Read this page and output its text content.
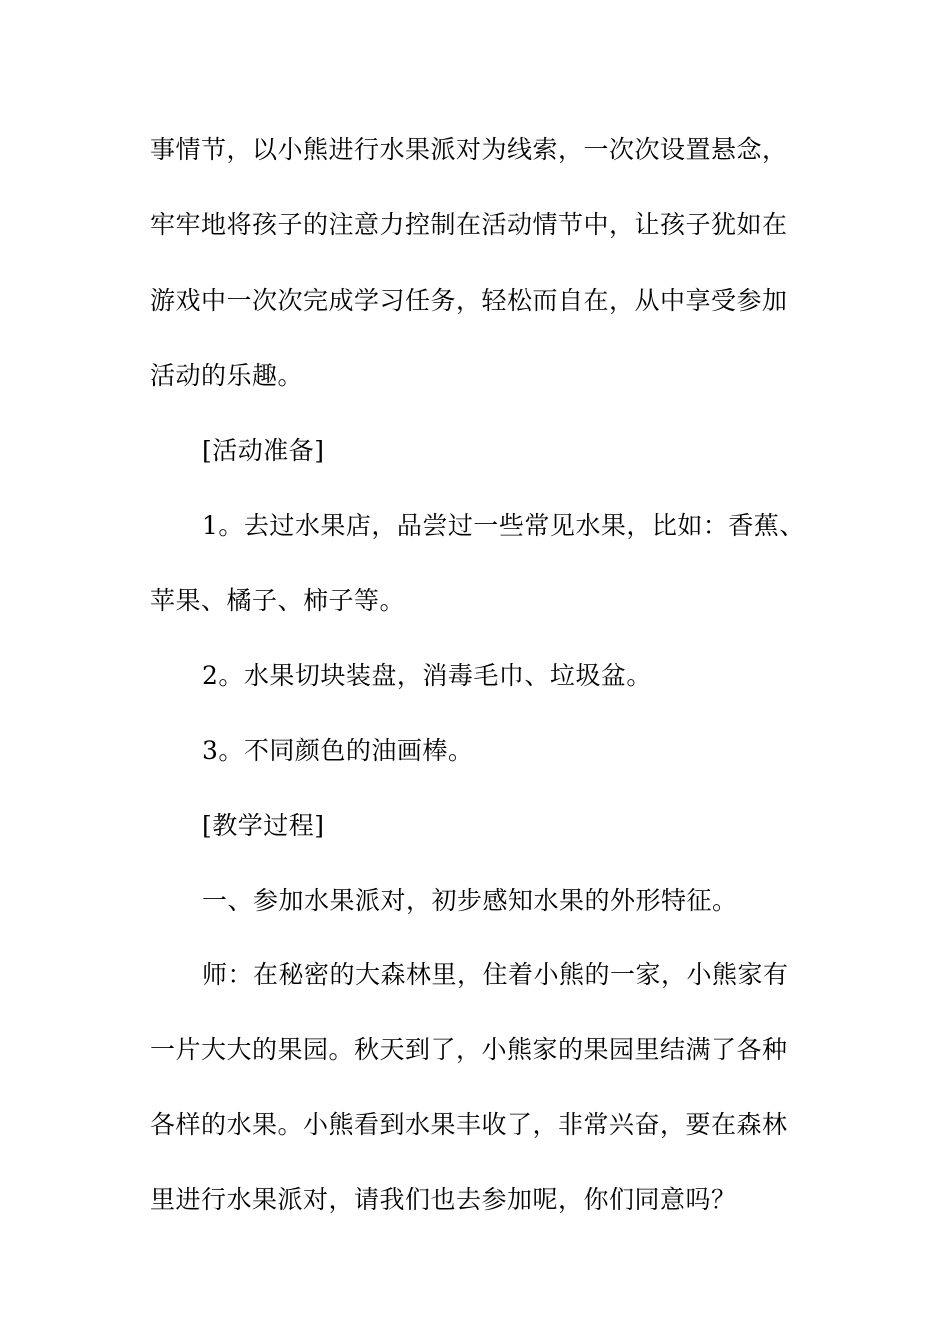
事情节，以小熊进行水果派对为线索，一次次设置悬念，
牢牢地将孩子的注意力控制在活动情节中，让孩子犹如在
游戏中一次次完成学习任务，轻松而自在，从中享受参加
活动的乐趣。
[活动准备]
1。去过水果店，品尝过一些常见水果，比如：香蕉、
苹果、橘子、柿子等。
2。水果切块装盘，消毒毛巾、垃圾盆。
3。不同颜色的油画棒。
[教学过程]
一、参加水果派对，初步感知水果的外形特征。
师：在秘密的大森林里，住着小熊的一家，小熊家有
一片大大的果园。秋天到了，小熊家的果园里结满了各种
各样的水果。小熊看到水果丰收了，非常兴奋，要在森林
里进行水果派对，请我们也去参加呢，你们同意吗？
